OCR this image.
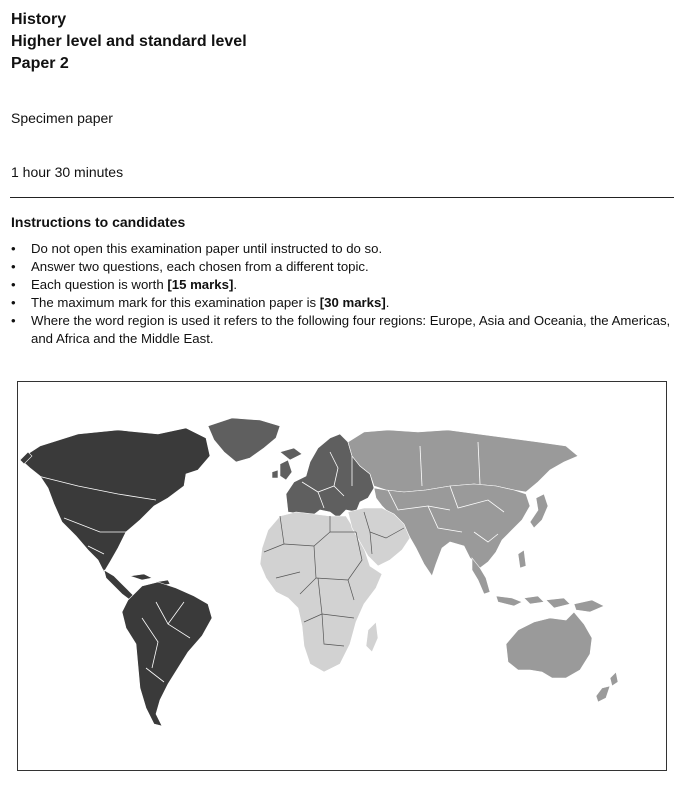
History

Higher level and standard level

Paper 2

Specimen paper
1 hour 30 minutes
Instructions to candidates
• Do not open this examination paper until instructed to do so.
• Answer two questions, each chosen from a different topic.
• Each question is worth [15 marks].
• The maximum mark for this examination paper is [30 marks].
• Where the word region is used it refers to the following four regions: Europe, Asia and Oceania, the Americas, and Africa and the Middle East.
